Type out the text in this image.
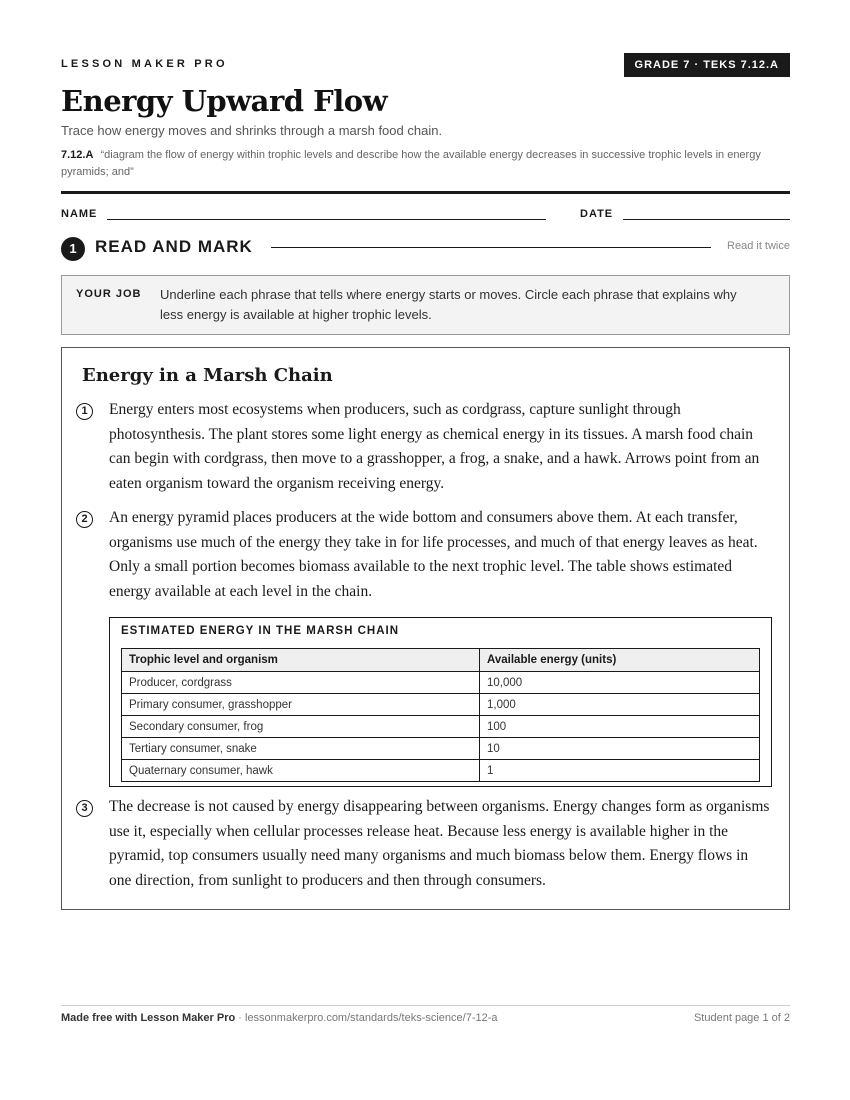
LESSON MAKER PRO	GRADE 7 · TEKS 7.12.A
Energy Upward Flow
Trace how energy moves and shrinks through a marsh food chain.
7.12.A “diagram the flow of energy within trophic levels and describe how the available energy decreases in successive trophic levels in energy pyramids; and”
NAME	DATE
1	READ AND MARK	Read it twice
YOUR JOB Underline each phrase that tells where energy starts or moves. Circle each phrase that explains why less energy is available at higher trophic levels.
Energy in a Marsh Chain
1	Energy enters most ecosystems when producers, such as cordgrass, capture sunlight through photosynthesis. The plant stores some light energy as chemical energy in its tissues. A marsh food chain can begin with cordgrass, then move to a grasshopper, a frog, a snake, and a hawk. Arrows point from an eaten organism toward the organism receiving energy.
2	An energy pyramid places producers at the wide bottom and consumers above them. At each transfer, organisms use much of the energy they take in for life processes, and much of that energy leaves as heat. Only a small portion becomes biomass available to the next trophic level. The table shows estimated energy available at each level in the chain.
ESTIMATED ENERGY IN THE MARSH CHAIN
Trophic level and organism	Available energy (units)
Producer, cordgrass	10,000
Primary consumer, grasshopper	1,000
Secondary consumer, frog	100
Tertiary consumer, snake	10
Quaternary consumer, hawk	1
3	The decrease is not caused by energy disappearing between organisms. Energy changes form as organisms use it, especially when cellular processes release heat. Because less energy is available higher in the pyramid, top consumers usually need many organisms and much biomass below them. Energy flows in one direction, from sunlight to producers and then through consumers.
Made free with Lesson Maker Pro · lessonmakerpro.com/standards/teks-science/7-12-a	Student page 1 of 2
